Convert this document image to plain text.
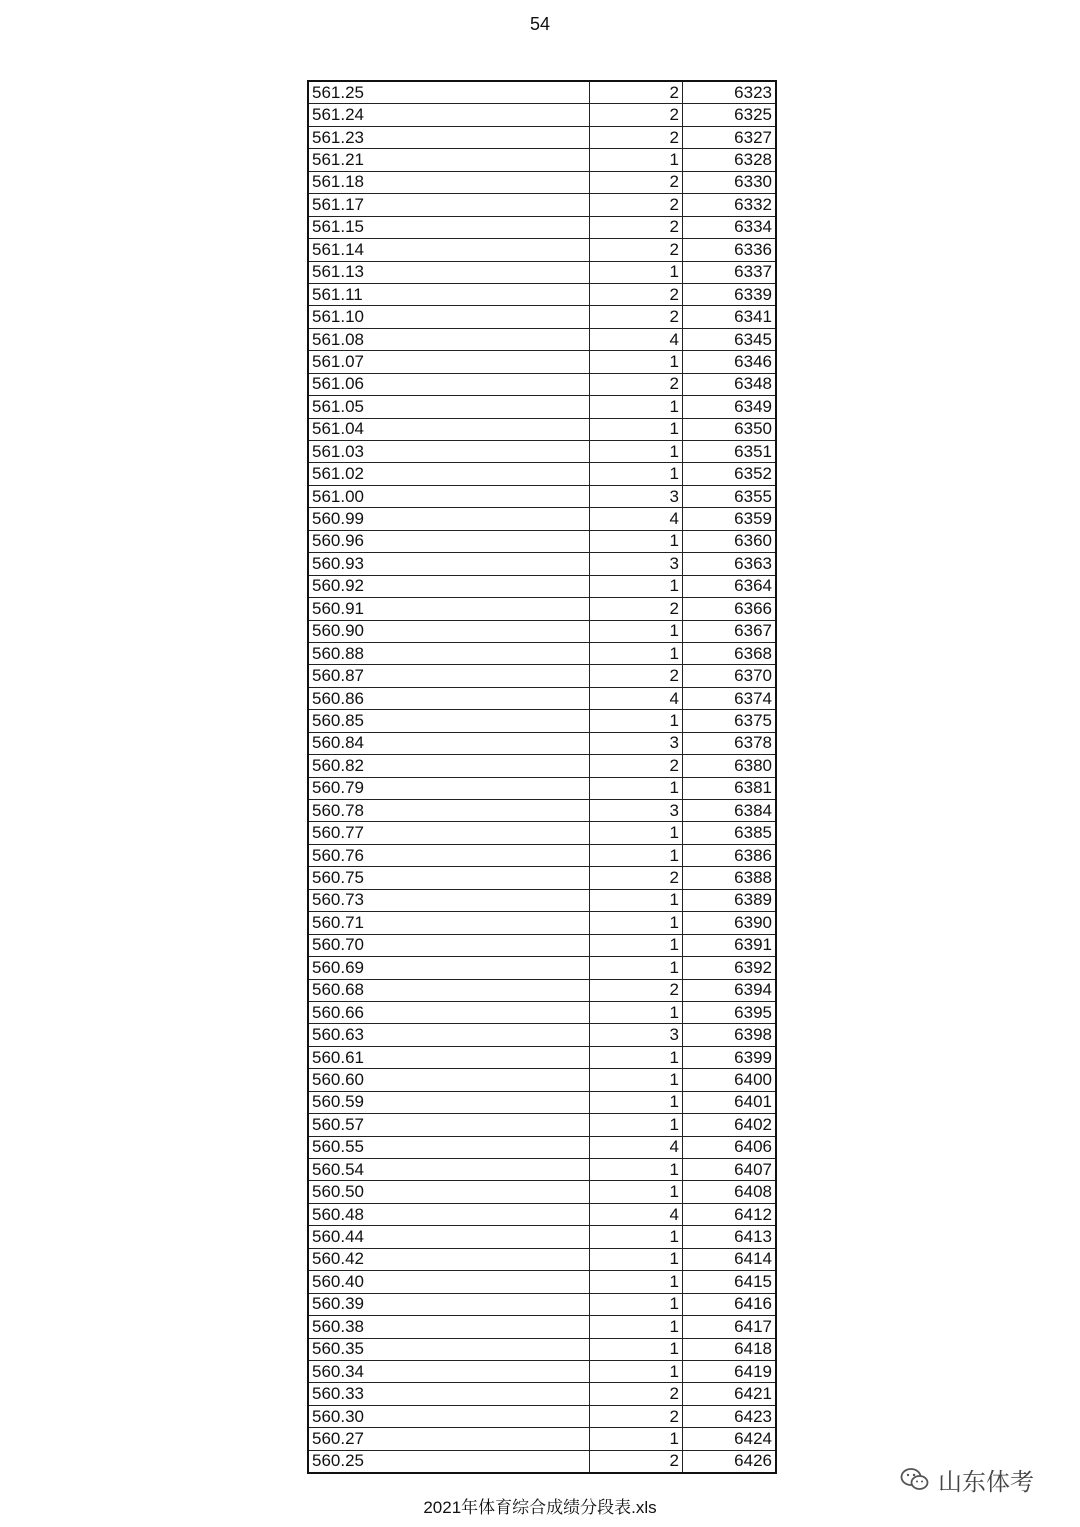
54
561.25	2	6323
561.24	2	6325
561.23	2	6327
561.21	1	6328
561.18	2	6330
561.17	2	6332
561.15	2	6334
561.14	2	6336
561.13	1	6337
561.11	2	6339
561.10	2	6341
561.08	4	6345
561.07	1	6346
561.06	2	6348
561.05	1	6349
561.04	1	6350
561.03	1	6351
561.02	1	6352
561.00	3	6355
560.99	4	6359
560.96	1	6360
560.93	3	6363
560.92	1	6364
560.91	2	6366
560.90	1	6367
560.88	1	6368
560.87	2	6370
560.86	4	6374
560.85	1	6375
560.84	3	6378
560.82	2	6380
560.79	1	6381
560.78	3	6384
560.77	1	6385
560.76	1	6386
560.75	2	6388
560.73	1	6389
560.71	1	6390
560.70	1	6391
560.69	1	6392
560.68	2	6394
560.66	1	6395
560.63	3	6398
560.61	1	6399
560.60	1	6400
560.59	1	6401
560.57	1	6402
560.55	4	6406
560.54	1	6407
560.50	1	6408
560.48	4	6412
560.44	1	6413
560.42	1	6414
560.40	1	6415
560.39	1	6416
560.38	1	6417
560.35	1	6418
560.34	1	6419
560.33	2	6421
560.30	2	6423
560.27	1	6424
560.25	2	6426
山东体考
2021年体育综合成绩分段表.xls
